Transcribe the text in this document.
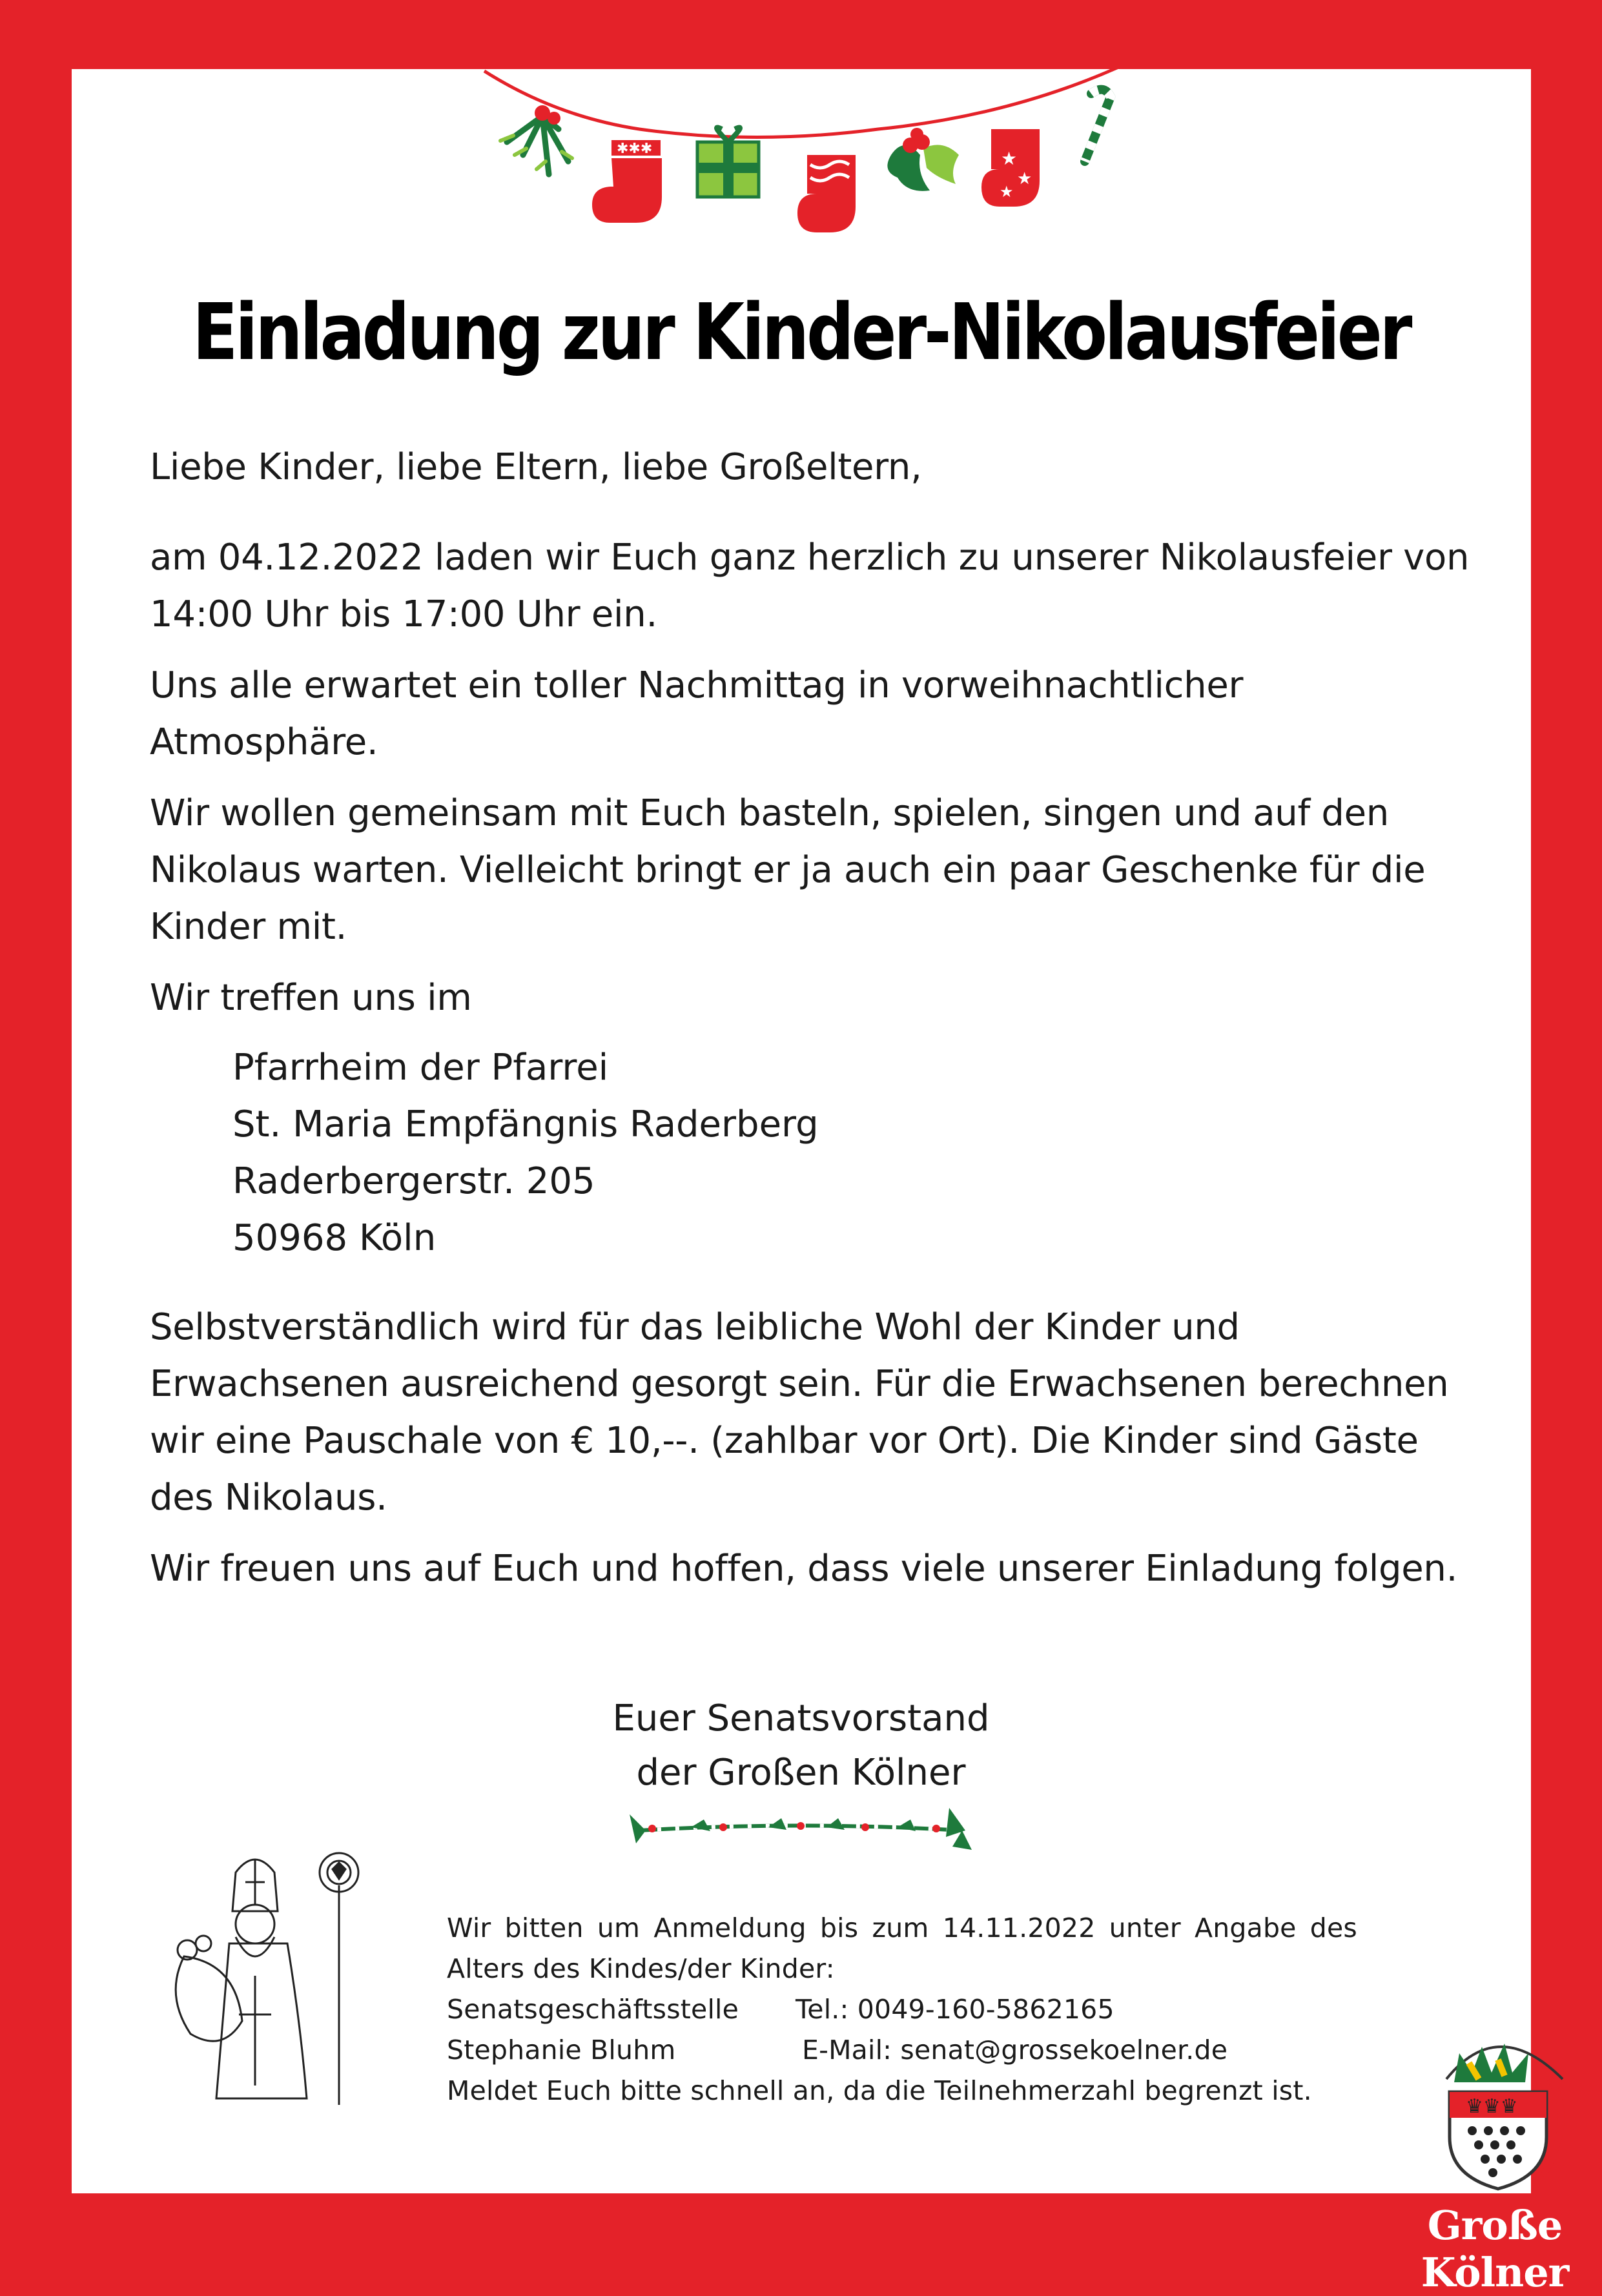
✱✱✱	★
★
★
Einladung zur Kinder-Nikolausfeier

Liebe Kinder, liebe Eltern, liebe Großeltern,

am 04.12.2022 laden wir Euch ganz herzlich zu unserer Nikolausfeier von 14:00 Uhr bis 17:00 Uhr ein.

Uns alle erwartet ein toller Nachmittag in vorweihnachtlicher Atmosphäre.

Wir wollen gemeinsam mit Euch basteln, spielen, singen und auf den Nikolaus warten. Vielleicht bringt er ja auch ein paar Geschenke für die Kinder mit.

Wir treffen uns im

Pfarrheim der Pfarrei

St. Maria Empfängnis Raderberg

Raderbergerstr. 205

50968 Köln

Selbstverständlich wird für das leibliche Wohl der Kinder und Erwachsenen ausreichend gesorgt sein. Für die Erwachsenen berechnen wir eine Pauschale von € 10,--. (zahlbar vor Ort). Die Kinder sind Gäste des Nikolaus.

Wir freuen uns auf Euch und hoffen, dass viele unserer Einladung folgen.

Euer Senatsvorstand
der Großen Kölner
Wir bitten um Anmeldung bis zum 14.11.2022 unter Angabe des
Alters des Kindes/der Kinder:
Senatsgeschäftsstelle	Tel.: 0049-160-5862165
Stephanie Bluhm	E-Mail: senat@grossekoelner.de
Meldet Euch bitte schnell an, da die Teilnehmerzahl begrenzt ist.
♛♛♛
Große Kölner
